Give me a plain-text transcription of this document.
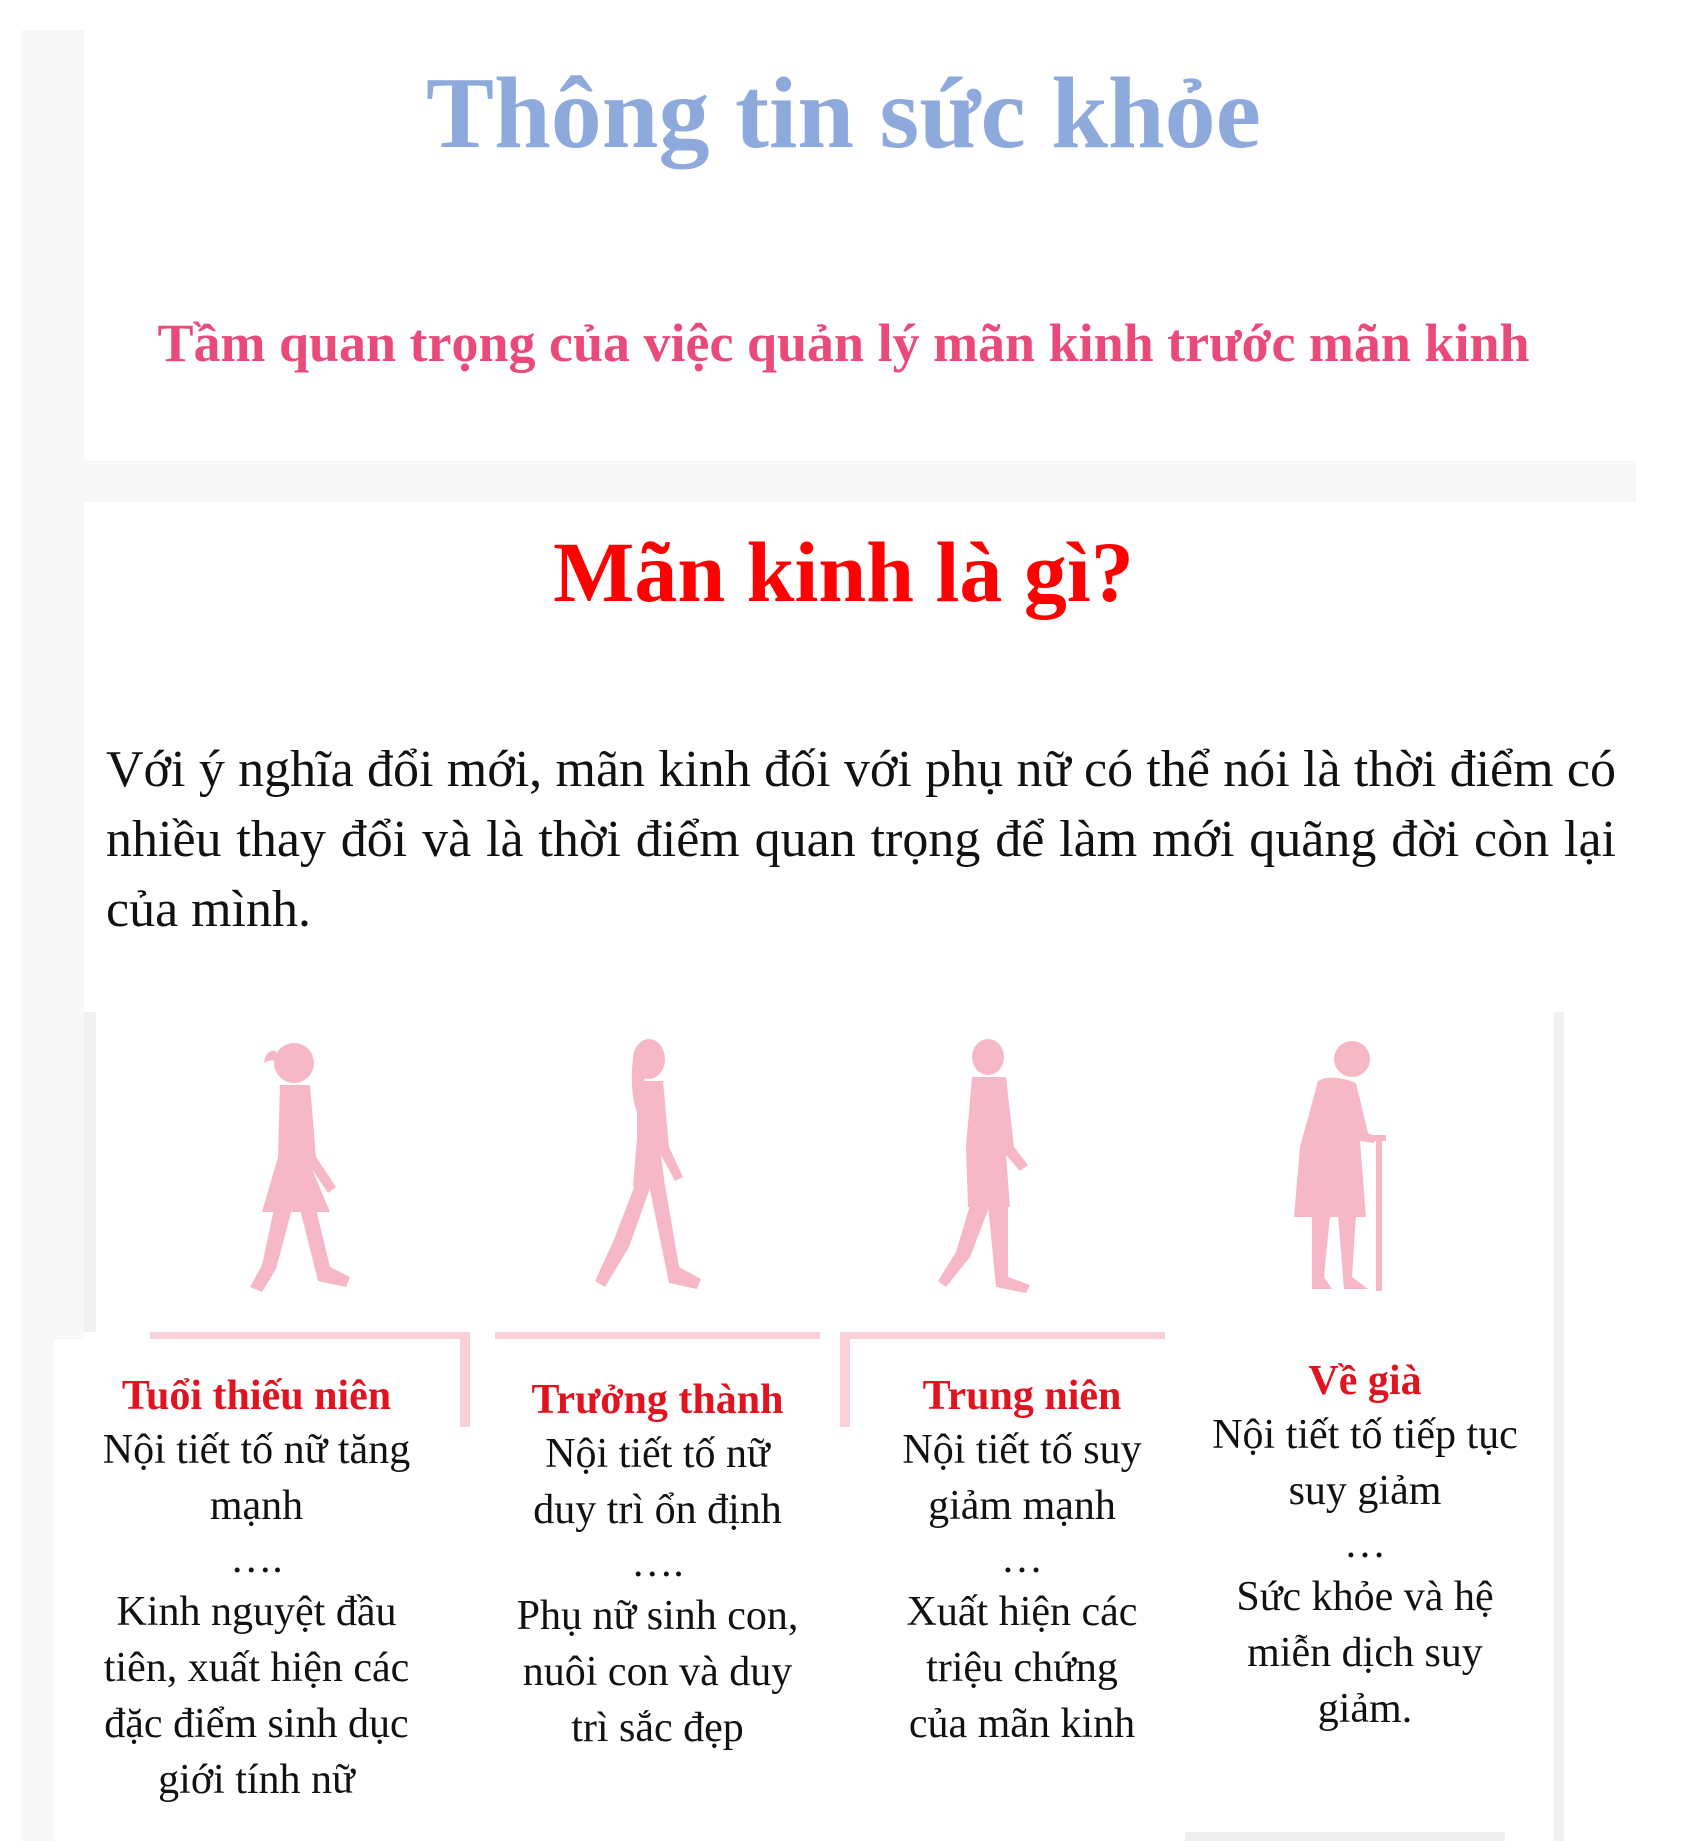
Thông tin sức khỏe
Tầm quan trọng của việc quản lý mãn kinh trước mãn kinh
Mãn kinh là gì?

Với ý nghĩa đổi mới, mãn kinh đối với phụ nữ có thể nói là thời điểm có nhiều thay đổi và là thời điểm quan trọng để làm mới quãng đời còn lại của mình.

Tuổi thiếu niên
Nội tiết tố nữ tăng
mạnh
….
Kinh nguyệt đầu
tiên, xuất hiện các
đặc điểm sinh dục
giới tính nữ
Trưởng thành
Nội tiết tố nữ
duy trì ổn định
….
Phụ nữ sinh con,
nuôi con và duy
trì sắc đẹp
Trung niên
Nội tiết tố suy
giảm mạnh
…
Xuất hiện các
triệu chứng
của mãn kinh
Về già
Nội tiết tố tiếp tục
suy giảm
…
Sức khỏe và hệ
miễn dịch suy
giảm.
